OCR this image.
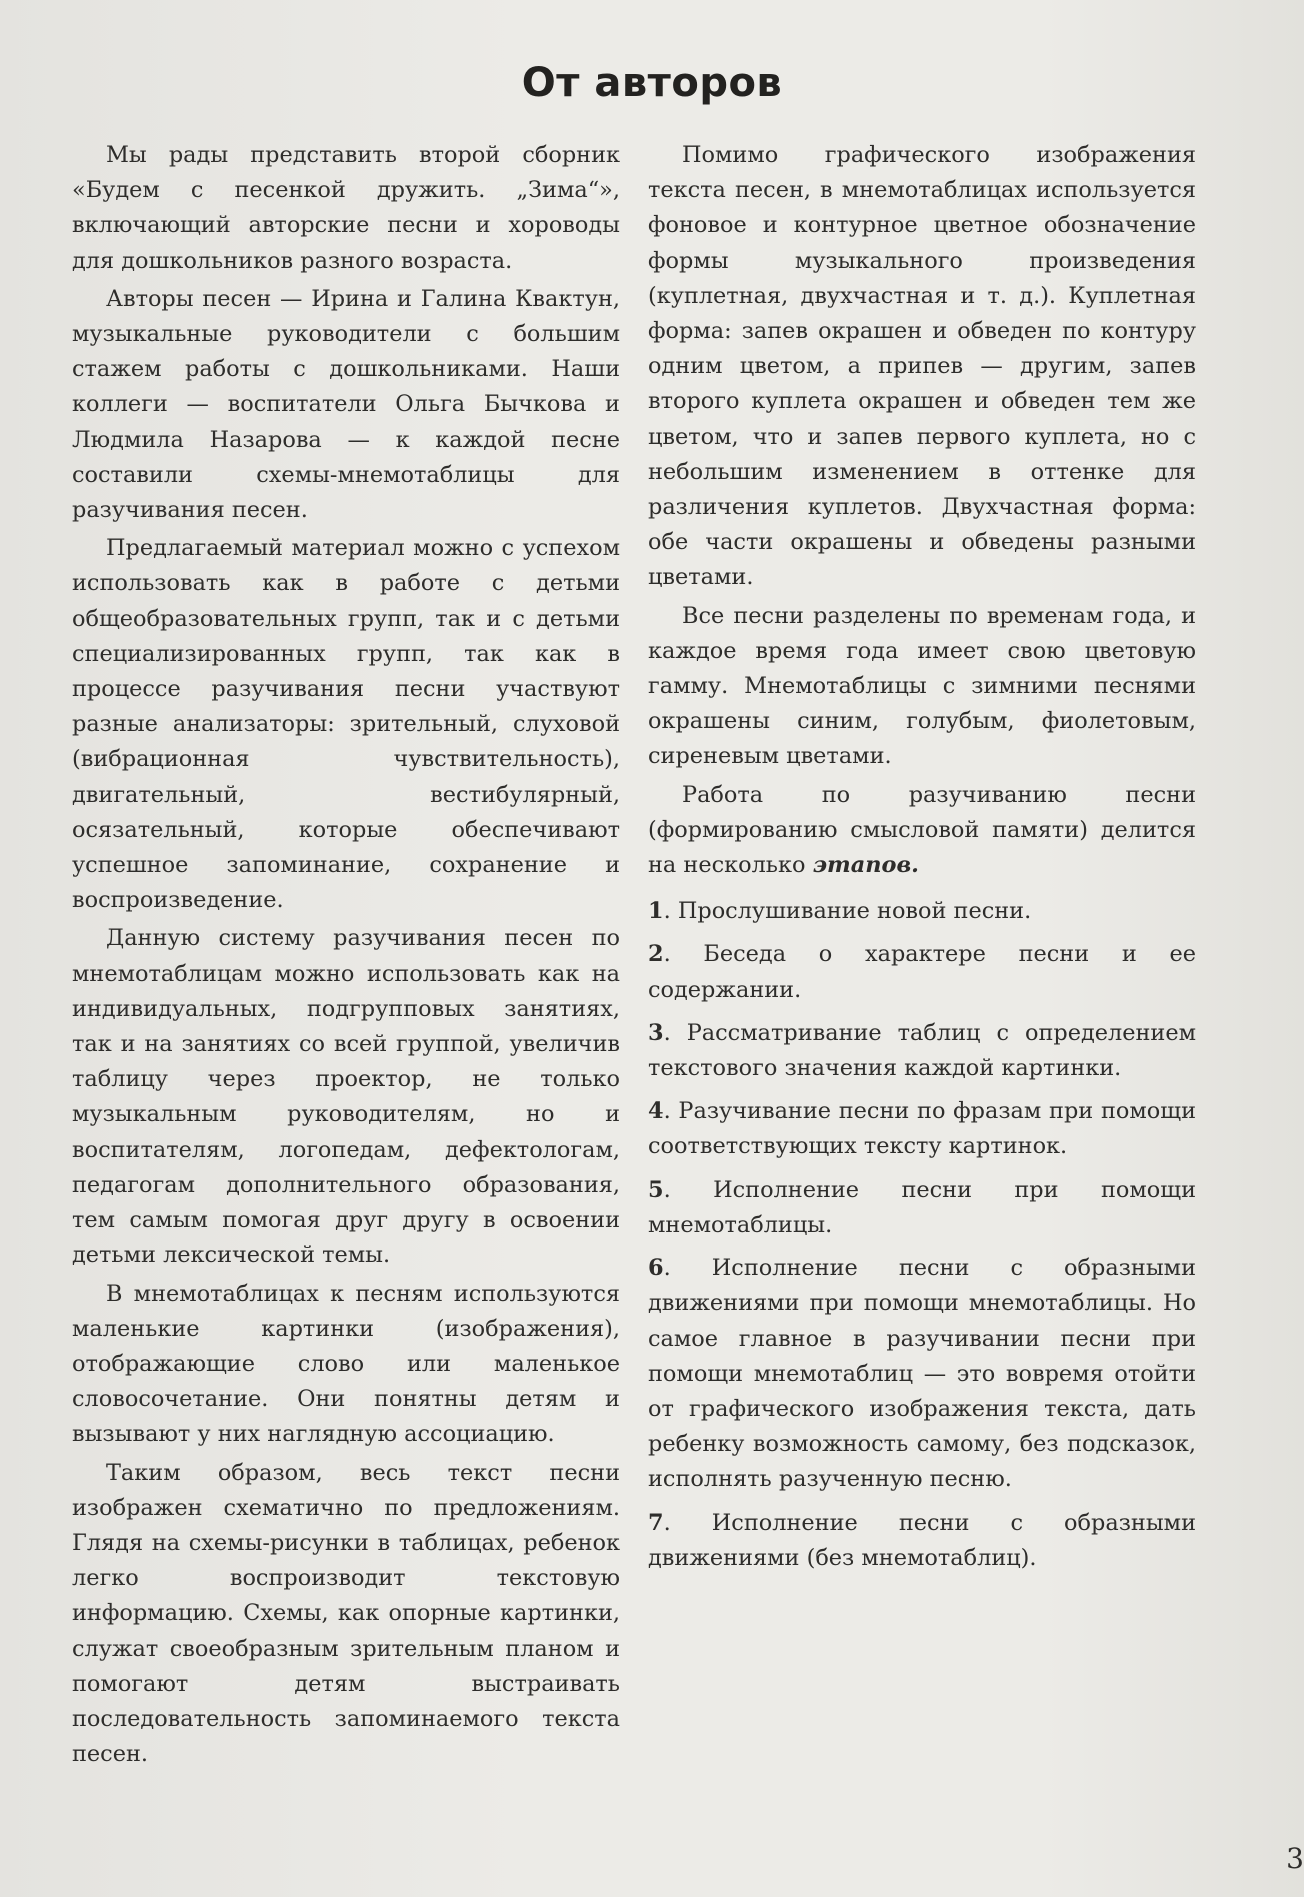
От авторов

Мы рады представить второй сборник «Будем с песенкой дружить. „Зима“», включающий авторские песни и хороводы для дошкольников разного возраста.

Авторы песен — Ирина и Галина Квактун, музыкальные руководители с большим стажем работы с дошкольниками. Наши коллеги — воспитатели Ольга Бычкова и Людмила Назарова — к каждой песне составили схемы-мнемотаблицы для разучивания песен.

Предлагаемый материал можно с успехом использовать как в работе с детьми общеобразовательных групп, так и с детьми специализированных групп, так как в процессе разучивания песни участвуют разные анализаторы: зрительный, слуховой (вибрационная чувствительность), двигательный, вестибулярный, осязательный, которые обеспечивают успешное запоминание, сохранение и воспроизведение.

Данную систему разучивания песен по мнемотаблицам можно использовать как на индивидуальных, подгрупповых занятиях, так и на занятиях со всей группой, увеличив таблицу через проектор, не только музыкальным руководителям, но и воспитателям, логопедам, дефектологам, педагогам дополнительного образования, тем самым помогая друг другу в освоении детьми лексической темы.

В мнемотаблицах к песням используются маленькие картинки (изображения), отображающие слово или маленькое словосочетание. Они понятны детям и вызывают у них наглядную ассоциацию.

Таким образом, весь текст песни изображен схематично по предложениям. Глядя на схемы-рисунки в таблицах, ребенок легко воспроизводит текстовую информацию. Схемы, как опорные картинки, служат своеобразным зрительным планом и помогают детям выстраивать последовательность запоминаемого текста песен.

Помимо графического изображения текста песен, в мнемотаблицах используется фоновое и контурное цветное обозначение формы музыкального произведения (куплетная, двухчастная и т. д.). Куплетная форма: запев окрашен и обведен по контуру одним цветом, а припев — другим, запев второго куплета окрашен и обведен тем же цветом, что и запев первого куплета, но с небольшим изменением в оттенке для различения куплетов. Двухчастная форма: обе части окрашены и обведены разными цветами.

Все песни разделены по временам года, и каждое время года имеет свою цветовую гамму. Мнемотаблицы с зимними песнями окрашены синим, голубым, фиолетовым, сиреневым цветами.

Работа по разучиванию песни (формированию смысловой памяти) делится на несколько этапов.

1. Прослушивание новой песни.

2. Беседа о характере песни и ее содержании.

3. Рассматривание таблиц с определением текстового значения каждой картинки.

4. Разучивание песни по фразам при помощи соответствующих тексту картинок.

5. Исполнение песни при помощи мнемотаблицы.

6. Исполнение песни с образными движениями при помощи мнемотаблицы. Но самое главное в разучивании песни при помощи мнемотаблиц — это вовремя отойти от графического изображения текста, дать ребенку возможность самому, без подсказок, исполнять разученную песню.

7. Исполнение песни с образными движениями (без мнемотаблиц).

3
